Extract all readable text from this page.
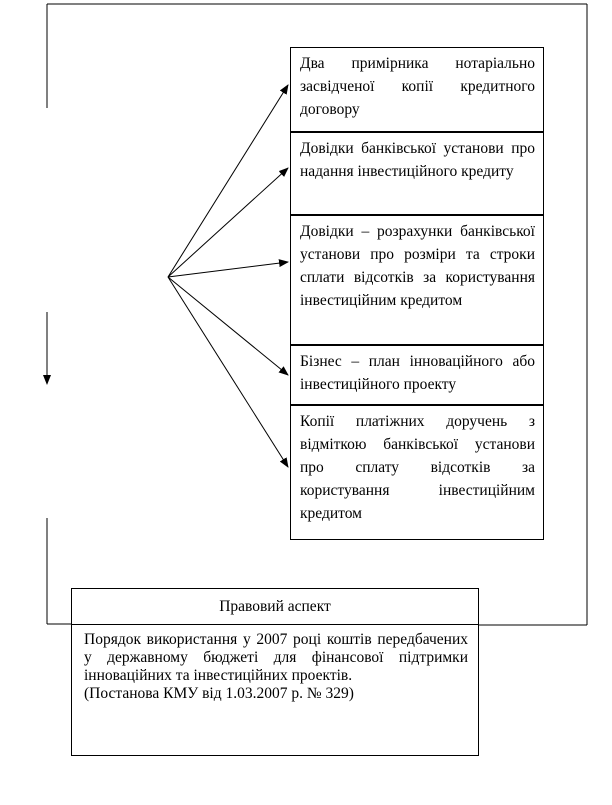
Два примірника нотаріально засвідченої копії кредитного договору
Довідки банківської установи про надання інвестиційного кредиту
Довідки – розрахунки банківської установи про розміри та строки сплати відсотків за користування інвестиційним кредитом
Бізнес – план інноваційного або інвестиційного проекту
Копії платіжних доручень з відміткою банківської установи про сплату відсотків за користування інвестиційним кредитом
Правовий аспект
Порядок використання у 2007 році коштів передбачених у державному бюджеті для фінансової підтримки інноваційних та інвестиційних проектів.
(Постанова КМУ від 1.03.2007 р. № 329)
